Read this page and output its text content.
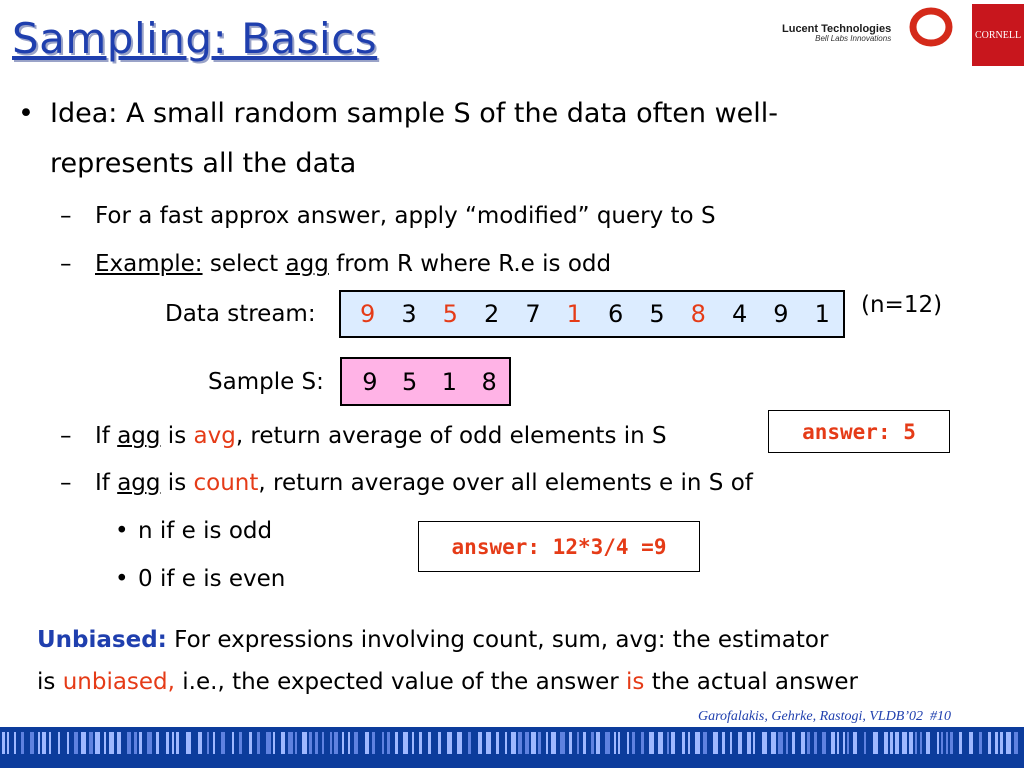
Sampling: Basics	Lucent Technologies
Bell Labs Innovations	CORNELL
• Idea: A small random sample S of the data often well-
represents all the data
– For a fast approx answer, apply “modified” query to S
– Example: select agg from R where R.e is odd
Data stream:	9	3	5	2	7	1	6	5	8	4	9	1	(n=12)
Sample S:	9	5	1	8
– If agg is avg, return average of odd elements in S	answer: 5
– If agg is count, return average over all elements e in S of
• n if e is odd
• 0 if e is even
answer: 12*3/4 =9
Unbiased: For expressions involving count, sum, avg: the estimator
is unbiased, i.e., the expected value of the answer is the actual answer
Garofalakis, Gehrke, Rastogi, VLDB’02 #10
